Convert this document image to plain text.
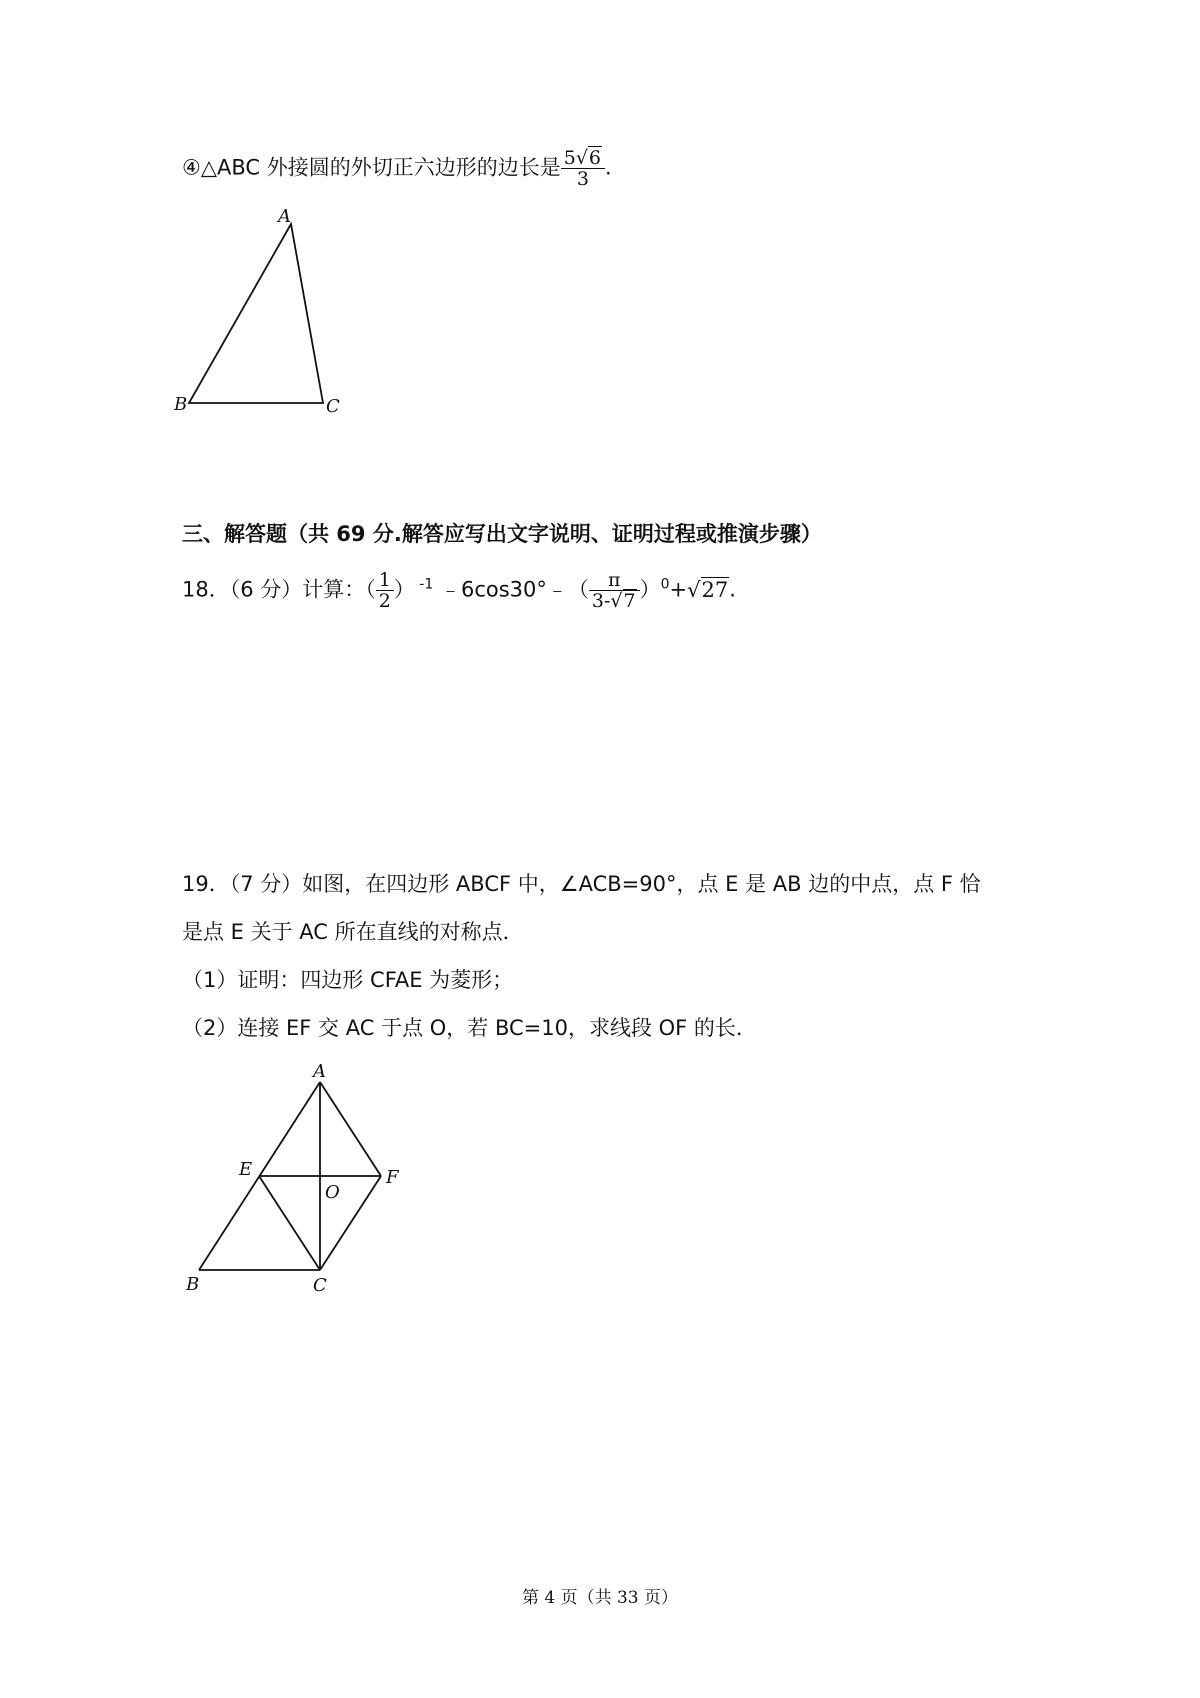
④△ABC 外接圆的外切正六边形的边长是 $\frac{5√6}{3}$ .
A
B	C
三、解答题（共 69 分.解答应写出文字说明、证明过程或推演步骤）
18．（6 分）计算：（ $\frac{1}{2}$ ） $^{-1}$ ﹣6cos30°﹣（ $\frac{\pi}{3-√7} )^0+√27$.
19．（7 分）如图，在四边形 ABCF 中，∠ACB=90°，点 E 是 AB 边的中点，点 F 恰
是点 E 关于 AC 所在直线的对称点．
（1）证明：四边形 CFAE 为菱形；
（2）连接 EF 交 AC 于点 O，若 BC=10，求线段 OF 的长．
A
B	C
E	F
O
第 4 页（共 33 页）
